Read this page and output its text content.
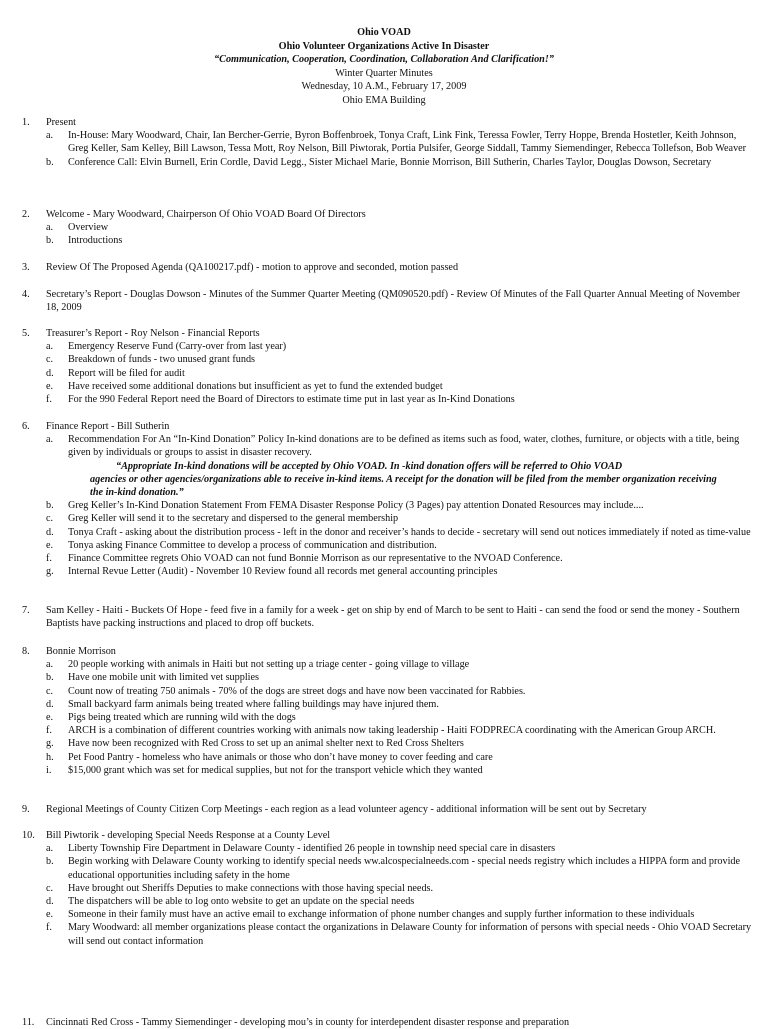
Ohio VOAD
Ohio Volunteer Organizations Active In Disaster
“Communication, Cooperation, Coordination, Collaboration And Clarification!”
Winter Quarter Minutes
Wednesday, 10 A.M., February 17, 2009
Ohio EMA Building
1. Present
a. In-House: Mary Woodward, Chair, Ian Bercher-Gerrie, Byron Boffenbroek, Tonya Craft, Link Fink, Teressa Fowler, Terry Hoppe, Brenda Hostetler, Keith Johnson, Greg Keller, Sam Kelley, Bill Lawson, Tessa Mott, Roy Nelson, Bill Piwtorak, Portia Pulsifer, George Siddall, Tammy Siemendinger, Rebecca Tollefson, Bob Weaver
b. Conference Call: Elvin Burnell, Erin Cordle, David Legg., Sister Michael Marie, Bonnie Morrison, Bill Sutherin, Charles Taylor, Douglas Dowson, Secretary
2. Welcome - Mary Woodward, Chairperson Of Ohio VOAD Board Of Directors
a. Overview
b. Introductions
3. Review Of The Proposed Agenda (QA100217.pdf) - motion to approve and seconded, motion passed
4. Secretary’s Report - Douglas Dowson - Minutes of the Summer Quarter Meeting (QM090520.pdf) - Review Of Minutes of the Fall Quarter Annual Meeting of November 18, 2009
5. Treasurer’s Report - Roy Nelson - Financial Reports
a. Emergency Reserve Fund (Carry-over from last year)
c. Breakdown of funds - two unused grant funds
d. Report will be filed for audit
e. Have received some additional donations but insufficient as yet to fund the extended budget
f. For the 990 Federal Report need the Board of Directors to estimate time put in last year as In-Kind Donations
6. Finance Report - Bill Sutherin
a. Recommendation For An “In-Kind Donation” Policy In-kind donations are to be defined as items such as food, water, clothes, furniture, or objects with a title, being given by individuals or groups to assist in disaster recovery.
“Appropriate In-kind donations will be accepted by Ohio VOAD. In -kind donation offers will be referred to Ohio VOAD
agencies or other agencies/organizations able to receive in-kind items. A receipt for the donation will be filed from the member organization receiving the in-kind donation.”
b. Greg Keller’s In-Kind Donation Statement From FEMA Disaster Response Policy (3 Pages) pay attention Donated Resources may include....
c. Greg Keller will send it to the secretary and dispersed to the general membership
d. Tonya Craft - asking about the distribution process - left in the donor and receiver’s hands to decide - secretary will send out notices immediately if noted as time-value
e. Tonya asking Finance Committee to develop a process of communication and distribution.
f. Finance Committee regrets Ohio VOAD can not fund Bonnie Morrison as our representative to the NVOAD Conference.
g. Internal Revue Letter (Audit) - November 10 Review found all records met general accounting principles
7. Sam Kelley - Haiti - Buckets Of Hope - feed five in a family for a week - get on ship by end of March to be sent to Haiti - can send the food or send the money - Southern Baptists have packing instructions and placed to drop off buckets.
8. Bonnie Morrison
a. 20 people working with animals in Haiti but not setting up a triage center - going village to village
b. Have one mobile unit with limited vet supplies
c. Count now of treating 750 animals - 70% of the dogs are street dogs and have now been vaccinated for Rabbies.
d. Small backyard farm animals being treated where falling buildings may have injured them.
e. Pigs being treated which are running wild with the dogs
f. ARCH is a combination of different countries working with animals now taking leadership - Haiti FODPRECA coordinating with the American Group ARCH.
g. Have now been recognized with Red Cross to set up an animal shelter next to Red Cross Shelters
h. Pet Food Pantry - homeless who have animals or those who don’t have money to cover feeding and care
i. $15,000 grant which was set for medical supplies, but not for the transport vehicle which they wanted
9. Regional Meetings of County Citizen Corp Meetings - each region as a lead volunteer agency - additional information will be sent out by Secretary
10. Bill Piwtorik - developing Special Needs Response at a County Level
a. Liberty Township Fire Department in Delaware County - identified 26 people in township need special care in disasters
b. Begin working with Delaware County working to identify special needs ww.alcospecialneeds.com - special needs registry which includes a HIPPA form and provide educational opportunities including safety in the home
c. Have brought out Sheriffs Deputies to make connections with those having special needs.
d. The dispatchers will be able to log onto website to get an update on the special needs
e. Someone in their family must have an active email to exchange information of phone number changes and supply further information to these individuals
f. Mary Woodward: all member organizations please contact the organizations in Delaware County for information of persons with special needs - Ohio VOAD Secretary will send out contact information
11. Cincinnati Red Cross - Tammy Siemendinger - developing mou’s in county for interdependent disaster response and preparation
